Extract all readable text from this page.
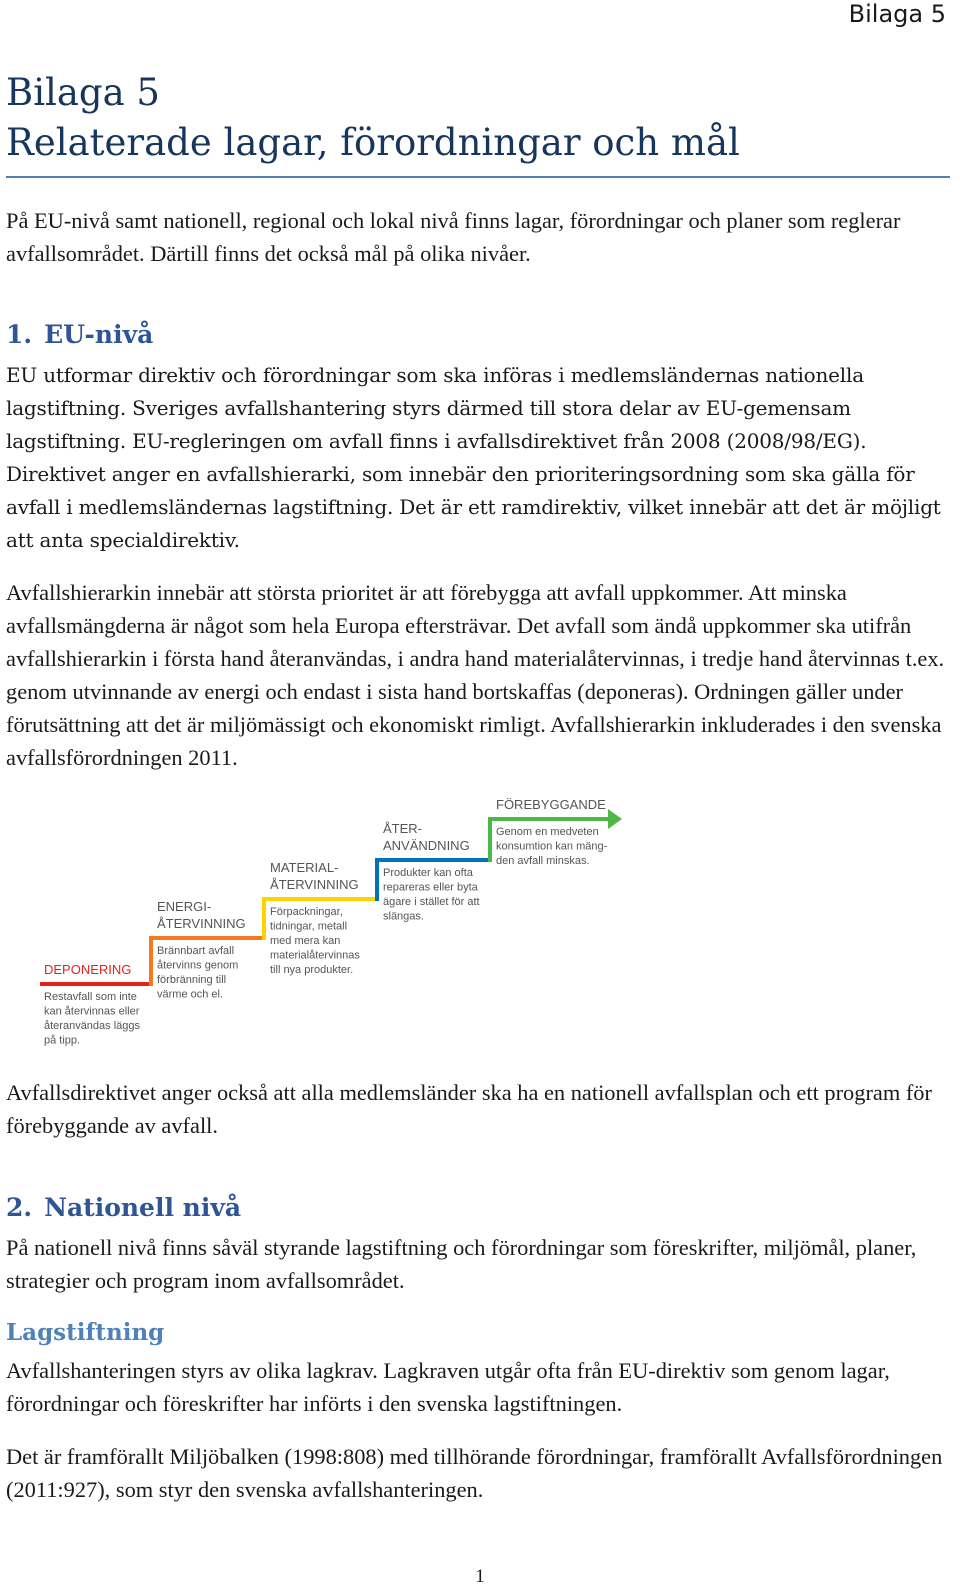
Bilaga 5
Bilaga 5
Relaterade lagar, förordningar och mål

På EU-nivå samt nationell, regional och lokal nivå finns lagar, förordningar och planer som reglerar avfallsområdet. Därtill finns det också mål på olika nivåer.

1. EU-nivå

EU utformar direktiv och förordningar som ska införas i medlemsländernas nationella lagstiftning. Sveriges avfallshantering styrs därmed till stora delar av EU-gemensam lagstiftning. EU-regleringen om avfall finns i avfallsdirektivet från 2008 (2008/98/EG). Direktivet anger en avfallshierarki, som innebär den prioriteringsordning som ska gälla för avfall i medlemsländernas lagstiftning. Det är ett ramdirektiv, vilket innebär att det är möjligt att anta specialdirektiv.

Avfallshierarkin innebär att största prioritet är att förebygga att avfall uppkommer. Att minska avfallsmängderna är något som hela Europa eftersträvar. Det avfall som ändå uppkommer ska utifrån avfallshierarkin i första hand återanvändas, i andra hand materialåtervinnas, i tredje hand återvinnas t.ex. genom utvinnande av energi och endast i sista hand bortskaffas (deponeras). Ordningen gäller under förutsättning att det är miljömässigt och ekonomiskt rimligt. Avfallshierarkin inkluderades i den svenska avfallsförordningen 2011.

DEPONERING
Restavfall som inte
kan återvinnas eller
återanvändas läggs
på tipp.
ENERGI-
ÅTERVINNING
Brännbart avfall
återvinns genom
förbränning till
värme och el.
MATERIAL-
ÅTERVINNING
Förpackningar,
tidningar, metall
med mera kan
materialåtervinnas
till nya produkter.
ÅTER-
ANVÄNDNING
Produkter kan ofta
repareras eller byta
ägare i stället för att
slängas.
FÖREBYGGANDE
Genom en medveten
konsumtion kan mäng-
den avfall minskas.

Avfallsdirektivet anger också att alla medlemsländer ska ha en nationell avfallsplan och ett program för förebyggande av avfall.

2. Nationell nivå

På nationell nivå finns såväl styrande lagstiftning och förordningar som föreskrifter, miljömål, planer, strategier och program inom avfallsområdet.

Lagstiftning

Avfallshanteringen styrs av olika lagkrav. Lagkraven utgår ofta från EU-direktiv som genom lagar, förordningar och föreskrifter har införts i den svenska lagstiftningen.

Det är framförallt Miljöbalken (1998:808) med tillhörande förordningar, framförallt Avfallsförordningen (2011:927), som styr den svenska avfallshanteringen.

1
